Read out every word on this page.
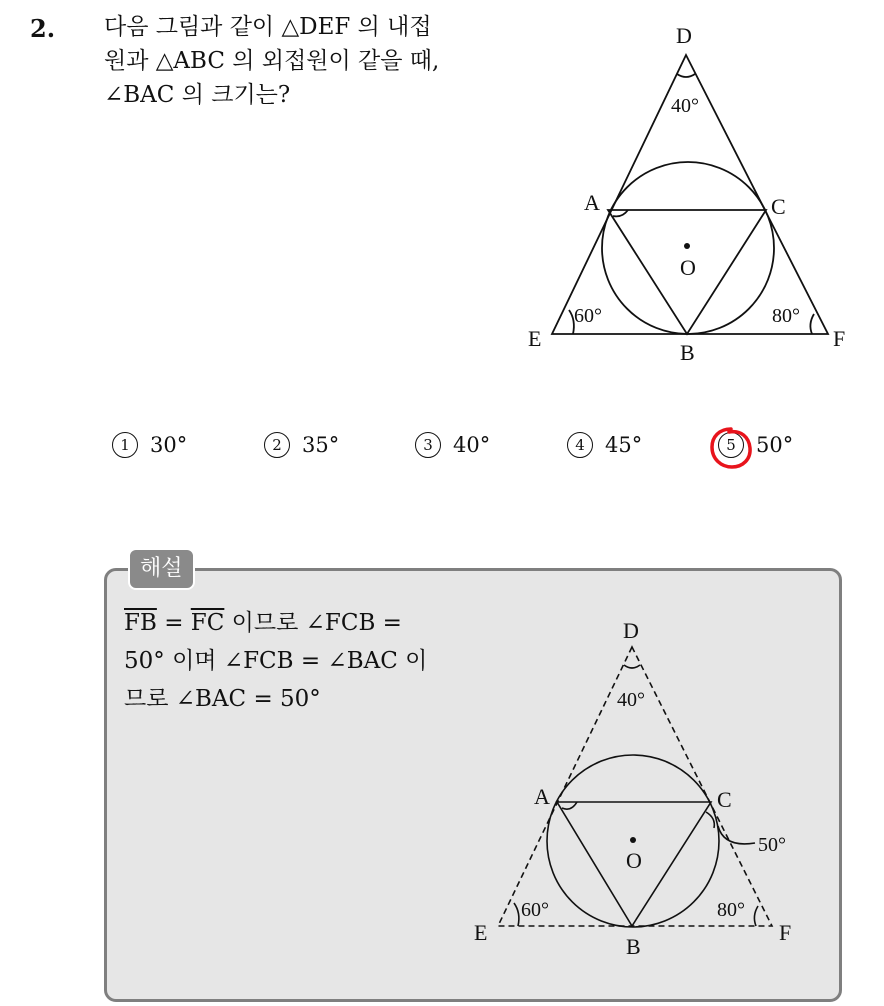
2. 다음 그림과 같이 △DEF 의 내접
원과 △ABC 의 외접원이 같을 때,
∠BAC 의 크기는?
D
A	C
O
E
B
F
40°
60°	80°
1 30°	2 35°	3 40°	4 45°	5 50°
해설
$\overline{FB} = \overline{FC}$ 이므로 ∠FCB =
50° 이며 ∠FCB = ∠BAC 이
므로 ∠BAC = 50°
D
A	C
O
E
B
F
40°
60°	80°
50°
